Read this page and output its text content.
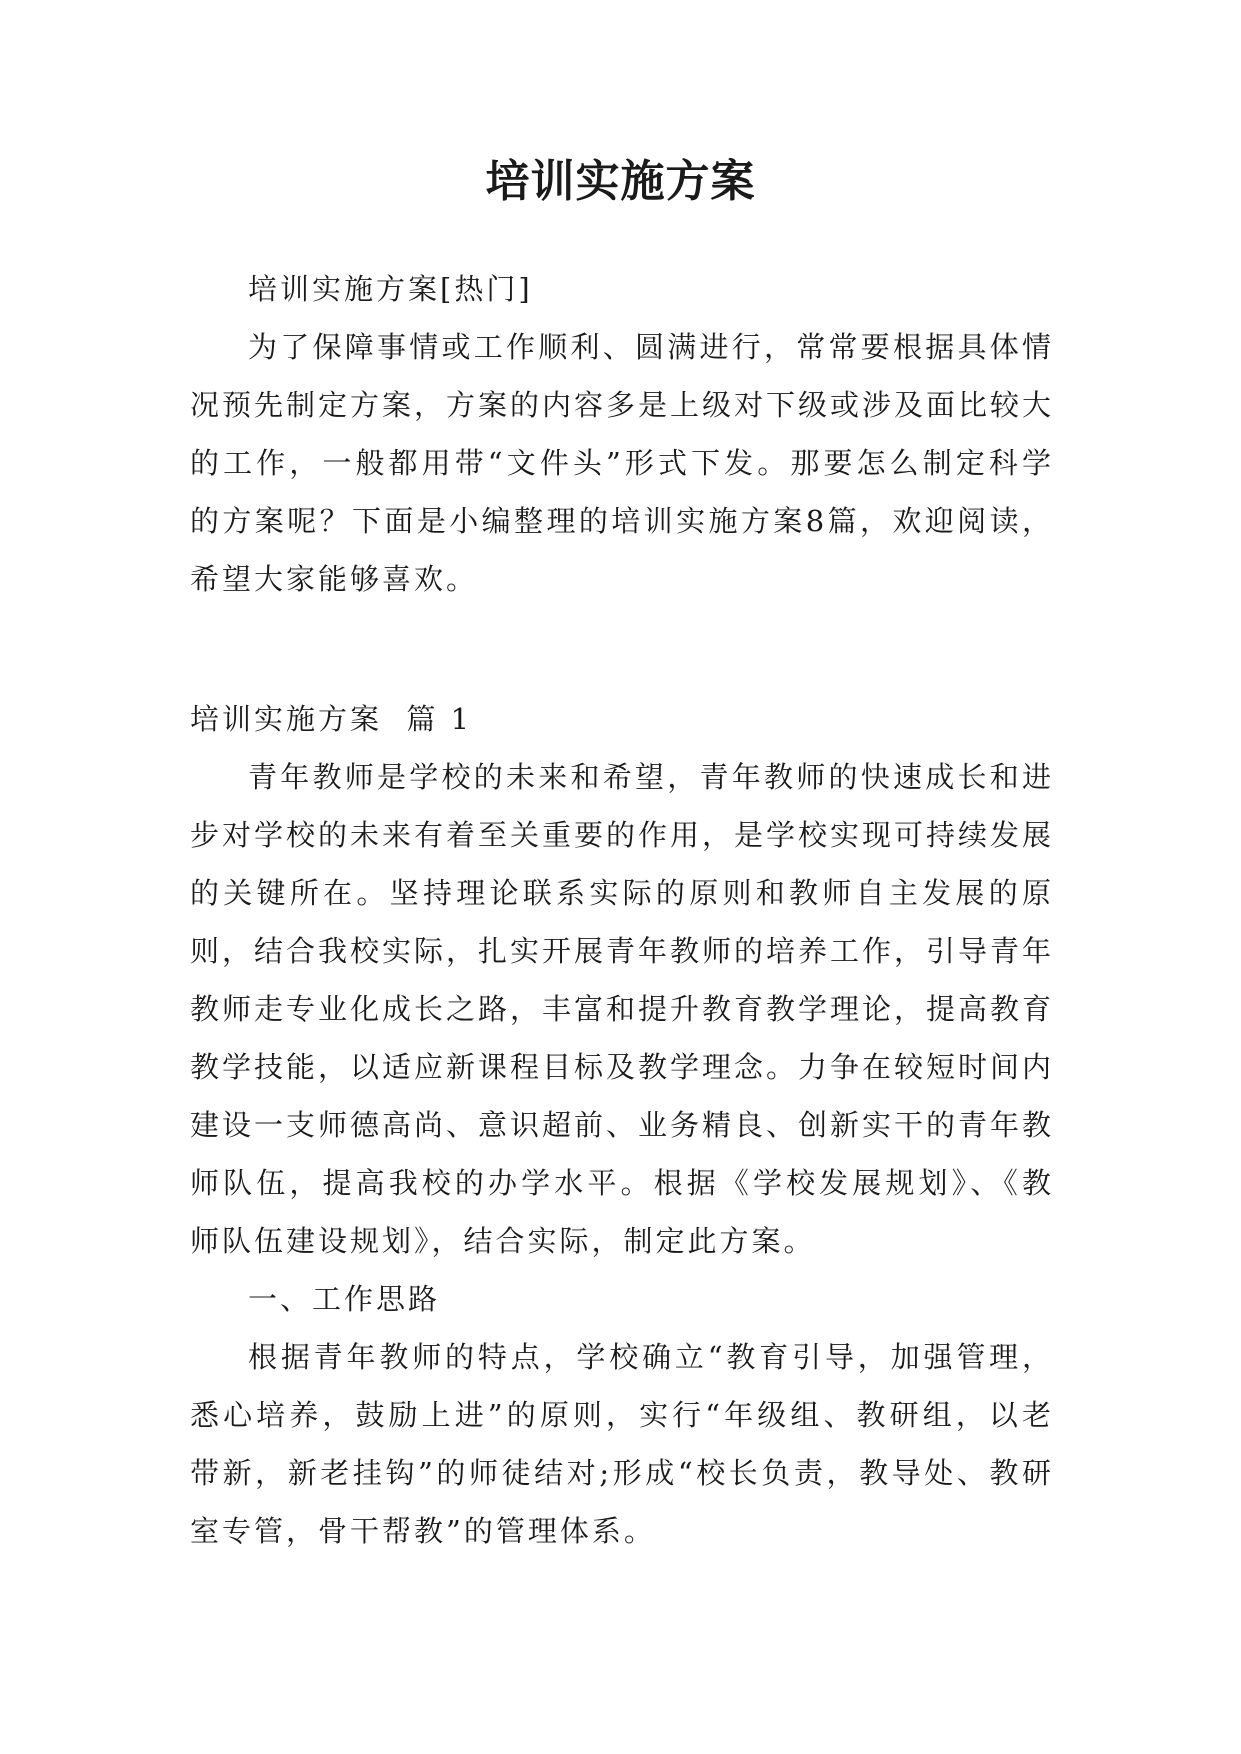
培训实施方案

培训实施方案[热门]

为了保障事情或工作顺利、圆满进行，常常要根据具体情况预先制定方案，方案的内容多是上级对下级或涉及面比较大的工作，一般都用带“文件头”形式下发。那要怎么制定科学的方案呢？下面是小编整理的培训实施方案8篇，欢迎阅读，希望大家能够喜欢。

培训实施方案  篇 1

青年教师是学校的未来和希望，青年教师的快速成长和进步对学校的未来有着至关重要的作用，是学校实现可持续发展的关键所在。坚持理论联系实际的原则和教师自主发展的原则，结合我校实际，扎实开展青年教师的培养工作，引导青年教师走专业化成长之路，丰富和提升教育教学理论，提高教育教学技能，以适应新课程目标及教学理念。力争在较短时间内建设一支师德高尚、意识超前、业务精良、创新实干的青年教师队伍，提高我校的办学水平。根据《学校发展规划》、《教师队伍建设规划》，结合实际，制定此方案。

一、工作思路

根据青年教师的特点，学校确立“教育引导，加强管理，悉心培养，鼓励上进”的原则，实行“年级组、教研组，以老带新，新老挂钩”的师徒结对;形成“校长负责，教导处、教研室专管，骨干帮教”的管理体系。
